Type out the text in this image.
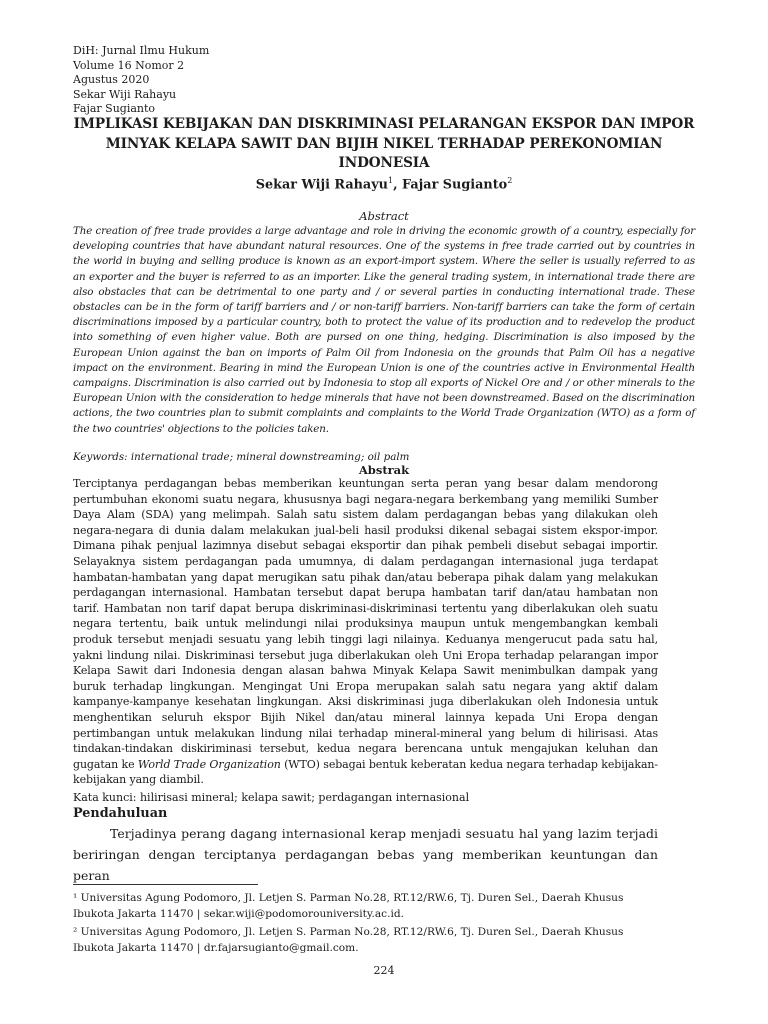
DiH: Jurnal Ilmu Hukum
Volume 16 Nomor 2
Agustus 2020
Sekar Wiji Rahayu
Fajar Sugianto
IMPLIKASI KEBIJAKAN DAN DISKRIMINASI PELARANGAN EKSPOR DAN IMPOR MINYAK KELAPA SAWIT DAN BIJIH NIKEL TERHADAP PEREKONOMIAN INDONESIA
Sekar Wiji Rahayu$^1$, Fajar Sugianto$^2$
Abstract
The creation of free trade provides a large advantage and role in driving the economic growth of a country, especially for developing countries that have abundant natural resources. One of the systems in free trade carried out by countries in the world in buying and selling produce is known as an export-import system. Where the seller is usually referred to as an exporter and the buyer is referred to as an importer. Like the general trading system, in international trade there are also obstacles that can be detrimental to one party and / or several parties in conducting international trade. These obstacles can be in the form of tariff barriers and / or non-tariff barriers. Non-tariff barriers can take the form of certain discriminations imposed by a particular country, both to protect the value of its production and to redevelop the product into something of even higher value. Both are pursed on one thing, hedging. Discrimination is also imposed by the European Union against the ban on imports of Palm Oil from Indonesia on the grounds that Palm Oil has a negative impact on the environment. Bearing in mind the European Union is one of the countries active in Environmental Health campaigns. Discrimination is also carried out by Indonesia to stop all exports of Nickel Ore and / or other minerals to the European Union with the consideration to hedge minerals that have not been downstreamed. Based on the discrimination actions, the two countries plan to submit complaints and complaints to the World Trade Organization (WTO) as a form of the two countries' objections to the policies taken.
Keywords: international trade; mineral downstreaming; oil palm
Abstrak
Terciptanya perdagangan bebas memberikan keuntungan serta peran yang besar dalam mendorong pertumbuhan ekonomi suatu negara, khususnya bagi negara-negara berkembang yang memiliki Sumber Daya Alam (SDA) yang melimpah. Salah satu sistem dalam perdagangan bebas yang dilakukan oleh negara-negara di dunia dalam melakukan jual-beli hasil produksi dikenal sebagai sistem ekspor-impor. Dimana pihak penjual lazimnya disebut sebagai eksportir dan pihak pembeli disebut sebagai importir. Selayaknya sistem perdagangan pada umumnya, di dalam perdagangan internasional juga terdapat hambatan-hambatan yang dapat merugikan satu pihak dan/atau beberapa pihak dalam yang melakukan perdagangan internasional. Hambatan tersebut dapat berupa hambatan tarif dan/atau hambatan non tarif. Hambatan non tarif dapat berupa diskriminasi-diskriminasi tertentu yang diberlakukan oleh suatu negara tertentu, baik untuk melindungi nilai produksinya maupun untuk mengembangkan kembali produk tersebut menjadi sesuatu yang lebih tinggi lagi nilainya. Keduanya mengerucut pada satu hal, yakni lindung nilai. Diskriminasi tersebut juga diberlakukan oleh Uni Eropa terhadap pelarangan impor Kelapa Sawit dari Indonesia dengan alasan bahwa Minyak Kelapa Sawit menimbulkan dampak yang buruk terhadap lingkungan. Mengingat Uni Eropa merupakan salah satu negara yang aktif dalam kampanye-kampanye kesehatan lingkungan. Aksi diskriminasi juga diberlakukan oleh Indonesia untuk menghentikan seluruh ekspor Bijih Nikel dan/atau mineral lainnya kepada Uni Eropa dengan pertimbangan untuk melakukan lindung nilai terhadap mineral-mineral yang belum di hilirisasi. Atas tindakan-tindakan diskiriminasi tersebut, kedua negara berencana untuk mengajukan keluhan dan gugatan ke World Trade Organization (WTO) sebagai bentuk keberatan kedua negara terhadap kebijakan-kebijakan yang diambil.
Kata kunci: hilirisasi mineral; kelapa sawit; perdagangan internasional
Pendahuluan
Terjadinya perang dagang internasional kerap menjadi sesuatu hal yang lazim terjadi beriringan dengan terciptanya perdagangan bebas yang memberikan keuntungan dan peran
¹ Universitas Agung Podomoro, Jl. Letjen S. Parman No.28, RT.12/RW.6, Tj. Duren Sel., Daerah Khusus Ibukota Jakarta 11470 | sekar.wiji@podomorouniversity.ac.id.
² Universitas Agung Podomoro, Jl. Letjen S. Parman No.28, RT.12/RW.6, Tj. Duren Sel., Daerah Khusus Ibukota Jakarta 11470 | dr.fajarsugianto@gmail.com.
224
